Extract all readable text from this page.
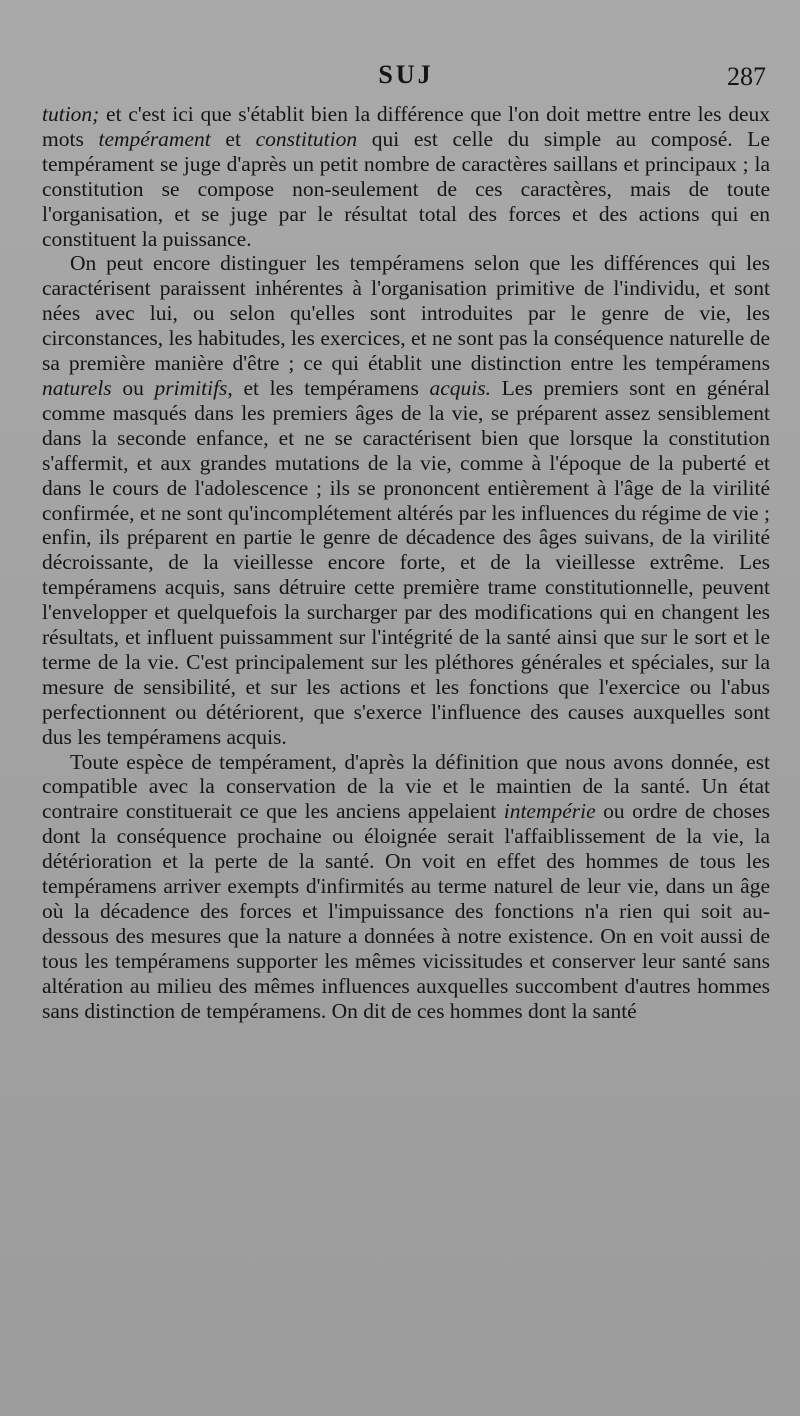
SUJ	287

tution; et c'est ici que s'établit bien la différence que l'on doit mettre entre les deux mots tempérament et constitution qui est celle du simple au composé. Le tempérament se juge d'après un petit nombre de caractères saillans et principaux ; la constitution se compose non-seulement de ces caractères, mais de toute l'organisation, et se juge par le résultat total des forces et des actions qui en constituent la puissance.

On peut encore distinguer les tempéramens selon que les différences qui les caractérisent paraissent inhérentes à l'organisation primitive de l'individu, et sont nées avec lui, ou selon qu'elles sont introduites par le genre de vie, les circonstances, les habitudes, les exercices, et ne sont pas la conséquence naturelle de sa première manière d'être ; ce qui établit une distinction entre les tempéramens naturels ou primitifs, et les tempéramens acquis. Les premiers sont en général comme masqués dans les premiers âges de la vie, se préparent assez sensiblement dans la seconde enfance, et ne se caractérisent bien que lorsque la constitution s'affermit, et aux grandes mutations de la vie, comme à l'époque de la puberté et dans le cours de l'adolescence ; ils se prononcent entièrement à l'âge de la virilité confirmée, et ne sont qu'incomplétement altérés par les influences du régime de vie ; enfin, ils préparent en partie le genre de décadence des âges suivans, de la virilité décroissante, de la vieillesse encore forte, et de la vieillesse extrême. Les tempéramens acquis, sans détruire cette première trame constitutionnelle, peuvent l'envelopper et quelquefois la surcharger par des modifications qui en changent les résultats, et influent puissamment sur l'intégrité de la santé ainsi que sur le sort et le terme de la vie. C'est principalement sur les pléthores générales et spéciales, sur la mesure de sensibilité, et sur les actions et les fonctions que l'exercice ou l'abus perfectionnent ou détériorent, que s'exerce l'influence des causes auxquelles sont dus les tempéramens acquis.

Toute espèce de tempérament, d'après la définition que nous avons donnée, est compatible avec la conservation de la vie et le maintien de la santé. Un état contraire constituerait ce que les anciens appelaient intempérie ou ordre de choses dont la conséquence prochaine ou éloignée serait l'affaiblissement de la vie, la détérioration et la perte de la santé. On voit en effet des hommes de tous les tempéramens arriver exempts d'infirmités au terme naturel de leur vie, dans un âge où la décadence des forces et l'impuissance des fonctions n'a rien qui soit au-dessous des mesures que la nature a données à notre existence. On en voit aussi de tous les tempéramens supporter les mêmes vicissitudes et conserver leur santé sans altération au milieu des mêmes influences auxquelles succombent d'autres hommes sans distinction de tempéramens. On dit de ces hommes dont la santé
